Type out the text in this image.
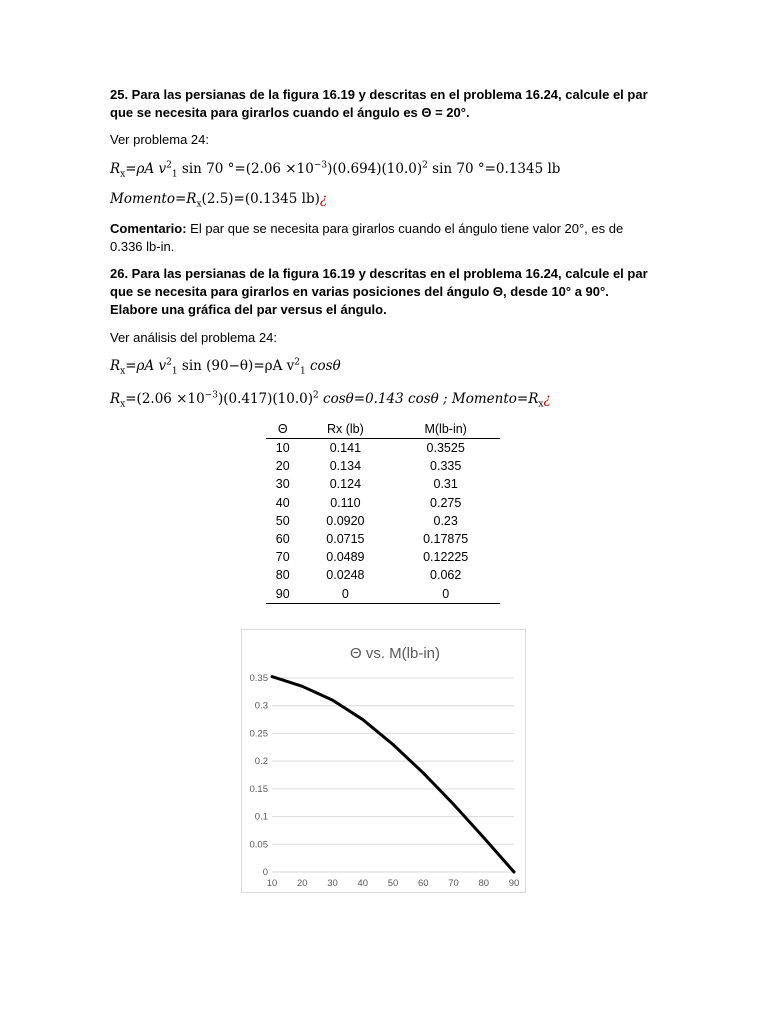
25. Para las persianas de la figura 16.19 y descritas en el problema 16.24, calcule el par que se necesita para girarlos cuando el ángulo es Θ = 20°.
Ver problema 24:
$R_x=\rho A$ $v^2_1$ sin 70 $^\circ=(2.06 \times 10^{-3})(0.694)(10.0)^2$ sin 70 °=0.1345 lb
$Momento=R_x(2.5)=(0.1345$ lb)¿
Comentario: El par que se necesita para girarlos cuando el ángulo tiene valor 20°, es de 0.336 lb-in.
26. Para las persianas de la figura 16.19 y descritas en el problema 16.24, calcule el par que se necesita para girarlos en varias posiciones del ángulo Θ, desde 10° a 90°. Elabore una gráfica del par versus el ángulo.
Ver análisis del problema 24:
$R_x=\rho A$ $v^2_1$ sin (90−θ)=ρA $v^2_1$ cosθ
$R_x=(2.06 \times 10^{-3})(0.417)(10.0)^2$ cosθ=0.143 cosθ ; $Momento=R_x¿$
Θ	Rx (lb)	M(lb-in)
10	0.141	0.3525
20	0.134	0.335
30	0.124	0.31
40	0.110	0.275
50	0.0920	0.23
60	0.0715	0.17875
70	0.0489	0.12225
80	0.0248	0.062
90	0	0
Θ vs. M(lb-in)
0
0.05
0.1
0.15
0.2
0.25
0.3
0.35
10 20 30 40 50 60 70 80 90
